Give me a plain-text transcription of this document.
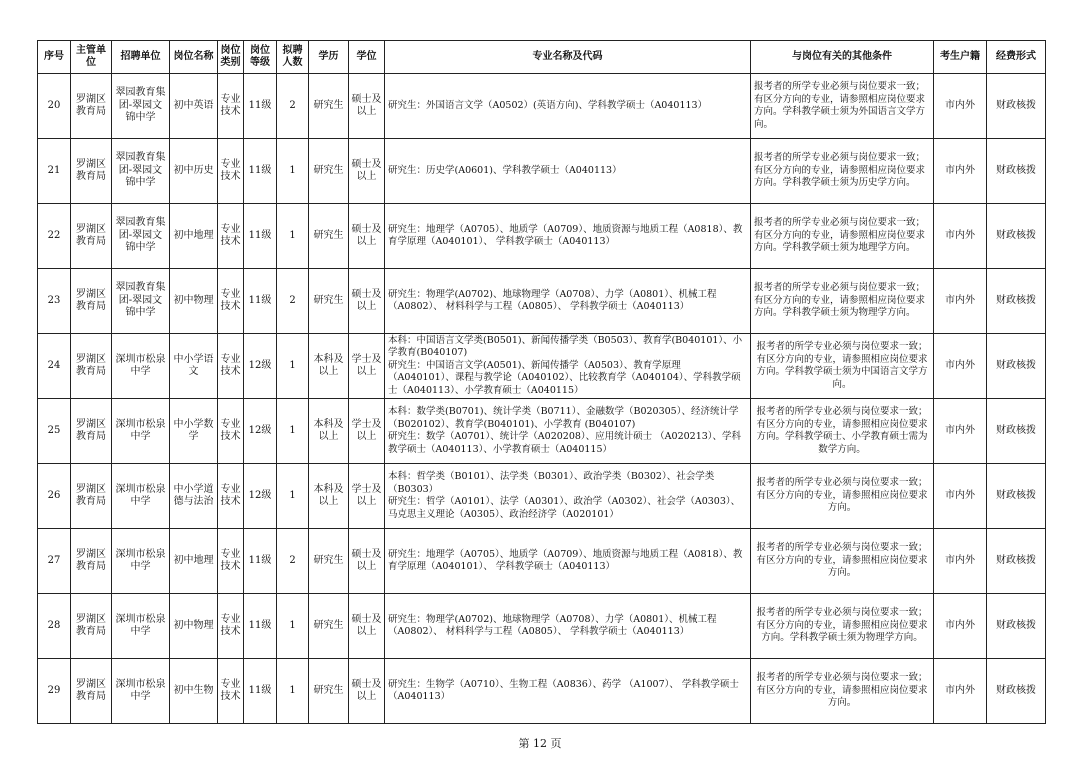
序号	主管单位	招聘单位	岗位名称	岗位类别	岗位等级	拟聘人数	学历	学位	专业名称及代码	与岗位有关的其他条件	考生户籍	经费形式
20	罗湖区教育局	翠园教育集团-翠园文锦中学	初中英语	专业技术	11级	2	研究生	硕士及以上	研究生：外国语言文学（A0502）(英语方向)、学科教学硕士（A040113）	报考者的所学专业必须与岗位要求一致；有区分方向的专业，请参照相应岗位要求方向。学科教学硕士须为外国语言文学方向。	市内外	财政核拨
21	罗湖区教育局	翠园教育集团-翠园文锦中学	初中历史	专业技术	11级	1	研究生	硕士及以上	研究生：历史学(A0601)、学科教学硕士（A040113）	报考者的所学专业必须与岗位要求一致；有区分方向的专业，请参照相应岗位要求方向。学科教学硕士须为历史学方向。	市内外	财政核拨
22	罗湖区教育局	翠园教育集团-翠园文锦中学	初中地理	专业技术	11级	1	研究生	硕士及以上	研究生：地理学（A0705）、地质学（A0709）、地质资源与地质工程（A0818）、教育学原理（A040101）、 学科教学硕士（A040113）	报考者的所学专业必须与岗位要求一致；有区分方向的专业，请参照相应岗位要求方向。学科教学硕士须为地理学方向。	市内外	财政核拨
23	罗湖区教育局	翠园教育集团-翠园文锦中学	初中物理	专业技术	11级	2	研究生	硕士及以上	研究生：物理学(A0702)、地球物理学（A0708）、力学（A0801）、机械工程（A0802）、 材料科学与工程（A0805）、 学科教学硕士（A040113）	报考者的所学专业必须与岗位要求一致；有区分方向的专业，请参照相应岗位要求方向。学科教学硕士须为物理学方向。	市内外	财政核拨
24	罗湖区教育局	深圳市松泉中学	中小学语文	专业技术	12级	1	本科及以上	学士及以上	本科：中国语言文学类(B0501)、新闻传播学类（B0503）、教育学(B040101）、小学教育(B040107)
研究生：中国语言文学(A0501)、新闻传播学（A0503）、教育学原理（A040101）、课程与教学论（A040102）、比较教育学（A040104）、学科教学硕士（A040113）、小学教育硕士（A040115）	报考者的所学专业必须与岗位要求一致；有区分方向的专业，请参照相应岗位要求方向。学科教学硕士须为中国语言文学方向。	市内外	财政核拨
25	罗湖区教育局	深圳市松泉中学	中小学数学	专业技术	12级	1	本科及以上	学士及以上	本科：数学类(B0701)、统计学类（B0711）、金融数学（B020305）、经济统计学（B020102）、教育学(B040101)、小学教育 (B040107)
研究生：数学（A0701）、统计学（A020208）、应用统计硕士 （A020213）、学科教学硕士（A040113）、小学教育硕士（A040115）	报考者的所学专业必须与岗位要求一致；有区分方向的专业，请参照相应岗位要求方向。学科教学硕士、小学教育硕士需为数学方向。	市内外	财政核拨
26	罗湖区教育局	深圳市松泉中学	中小学道德与法治	专业技术	12级	1	本科及以上	学士及以上	本科：哲学类（B0101）、法学类（B0301）、政治学类（B0302）、社会学类（B0303）
研究生：哲学（A0101）、法学（A0301）、政治学（A0302）、社会学（A0303）、马克思主义理论（A0305）、政治经济学（A020101）	报考者的所学专业必须与岗位要求一致；有区分方向的专业，请参照相应岗位要求方向。	市内外	财政核拨
27	罗湖区教育局	深圳市松泉中学	初中地理	专业技术	11级	2	研究生	硕士及以上	研究生：地理学（A0705）、地质学（A0709）、地质资源与地质工程（A0818）、教育学原理（A040101）、 学科教学硕士（A040113）	报考者的所学专业必须与岗位要求一致；有区分方向的专业，请参照相应岗位要求方向。	市内外	财政核拨
28	罗湖区教育局	深圳市松泉中学	初中物理	专业技术	11级	1	研究生	硕士及以上	研究生：物理学(A0702)、地球物理学（A0708）、力学（A0801）、机械工程（A0802）、 材料科学与工程（A0805）、 学科教学硕士（A040113）	报考者的所学专业必须与岗位要求一致；有区分方向的专业，请参照相应岗位要求方向。学科教学硕士须为物理学方向。	市内外	财政核拨
29	罗湖区教育局	深圳市松泉中学	初中生物	专业技术	11级	1	研究生	硕士及以上	研究生：生物学（A0710）、生物工程（A0836）、药学 （A1007）、 学科教学硕士（A040113）	报考者的所学专业必须与岗位要求一致；有区分方向的专业，请参照相应岗位要求方向。	市内外	财政核拨
第 12 页
